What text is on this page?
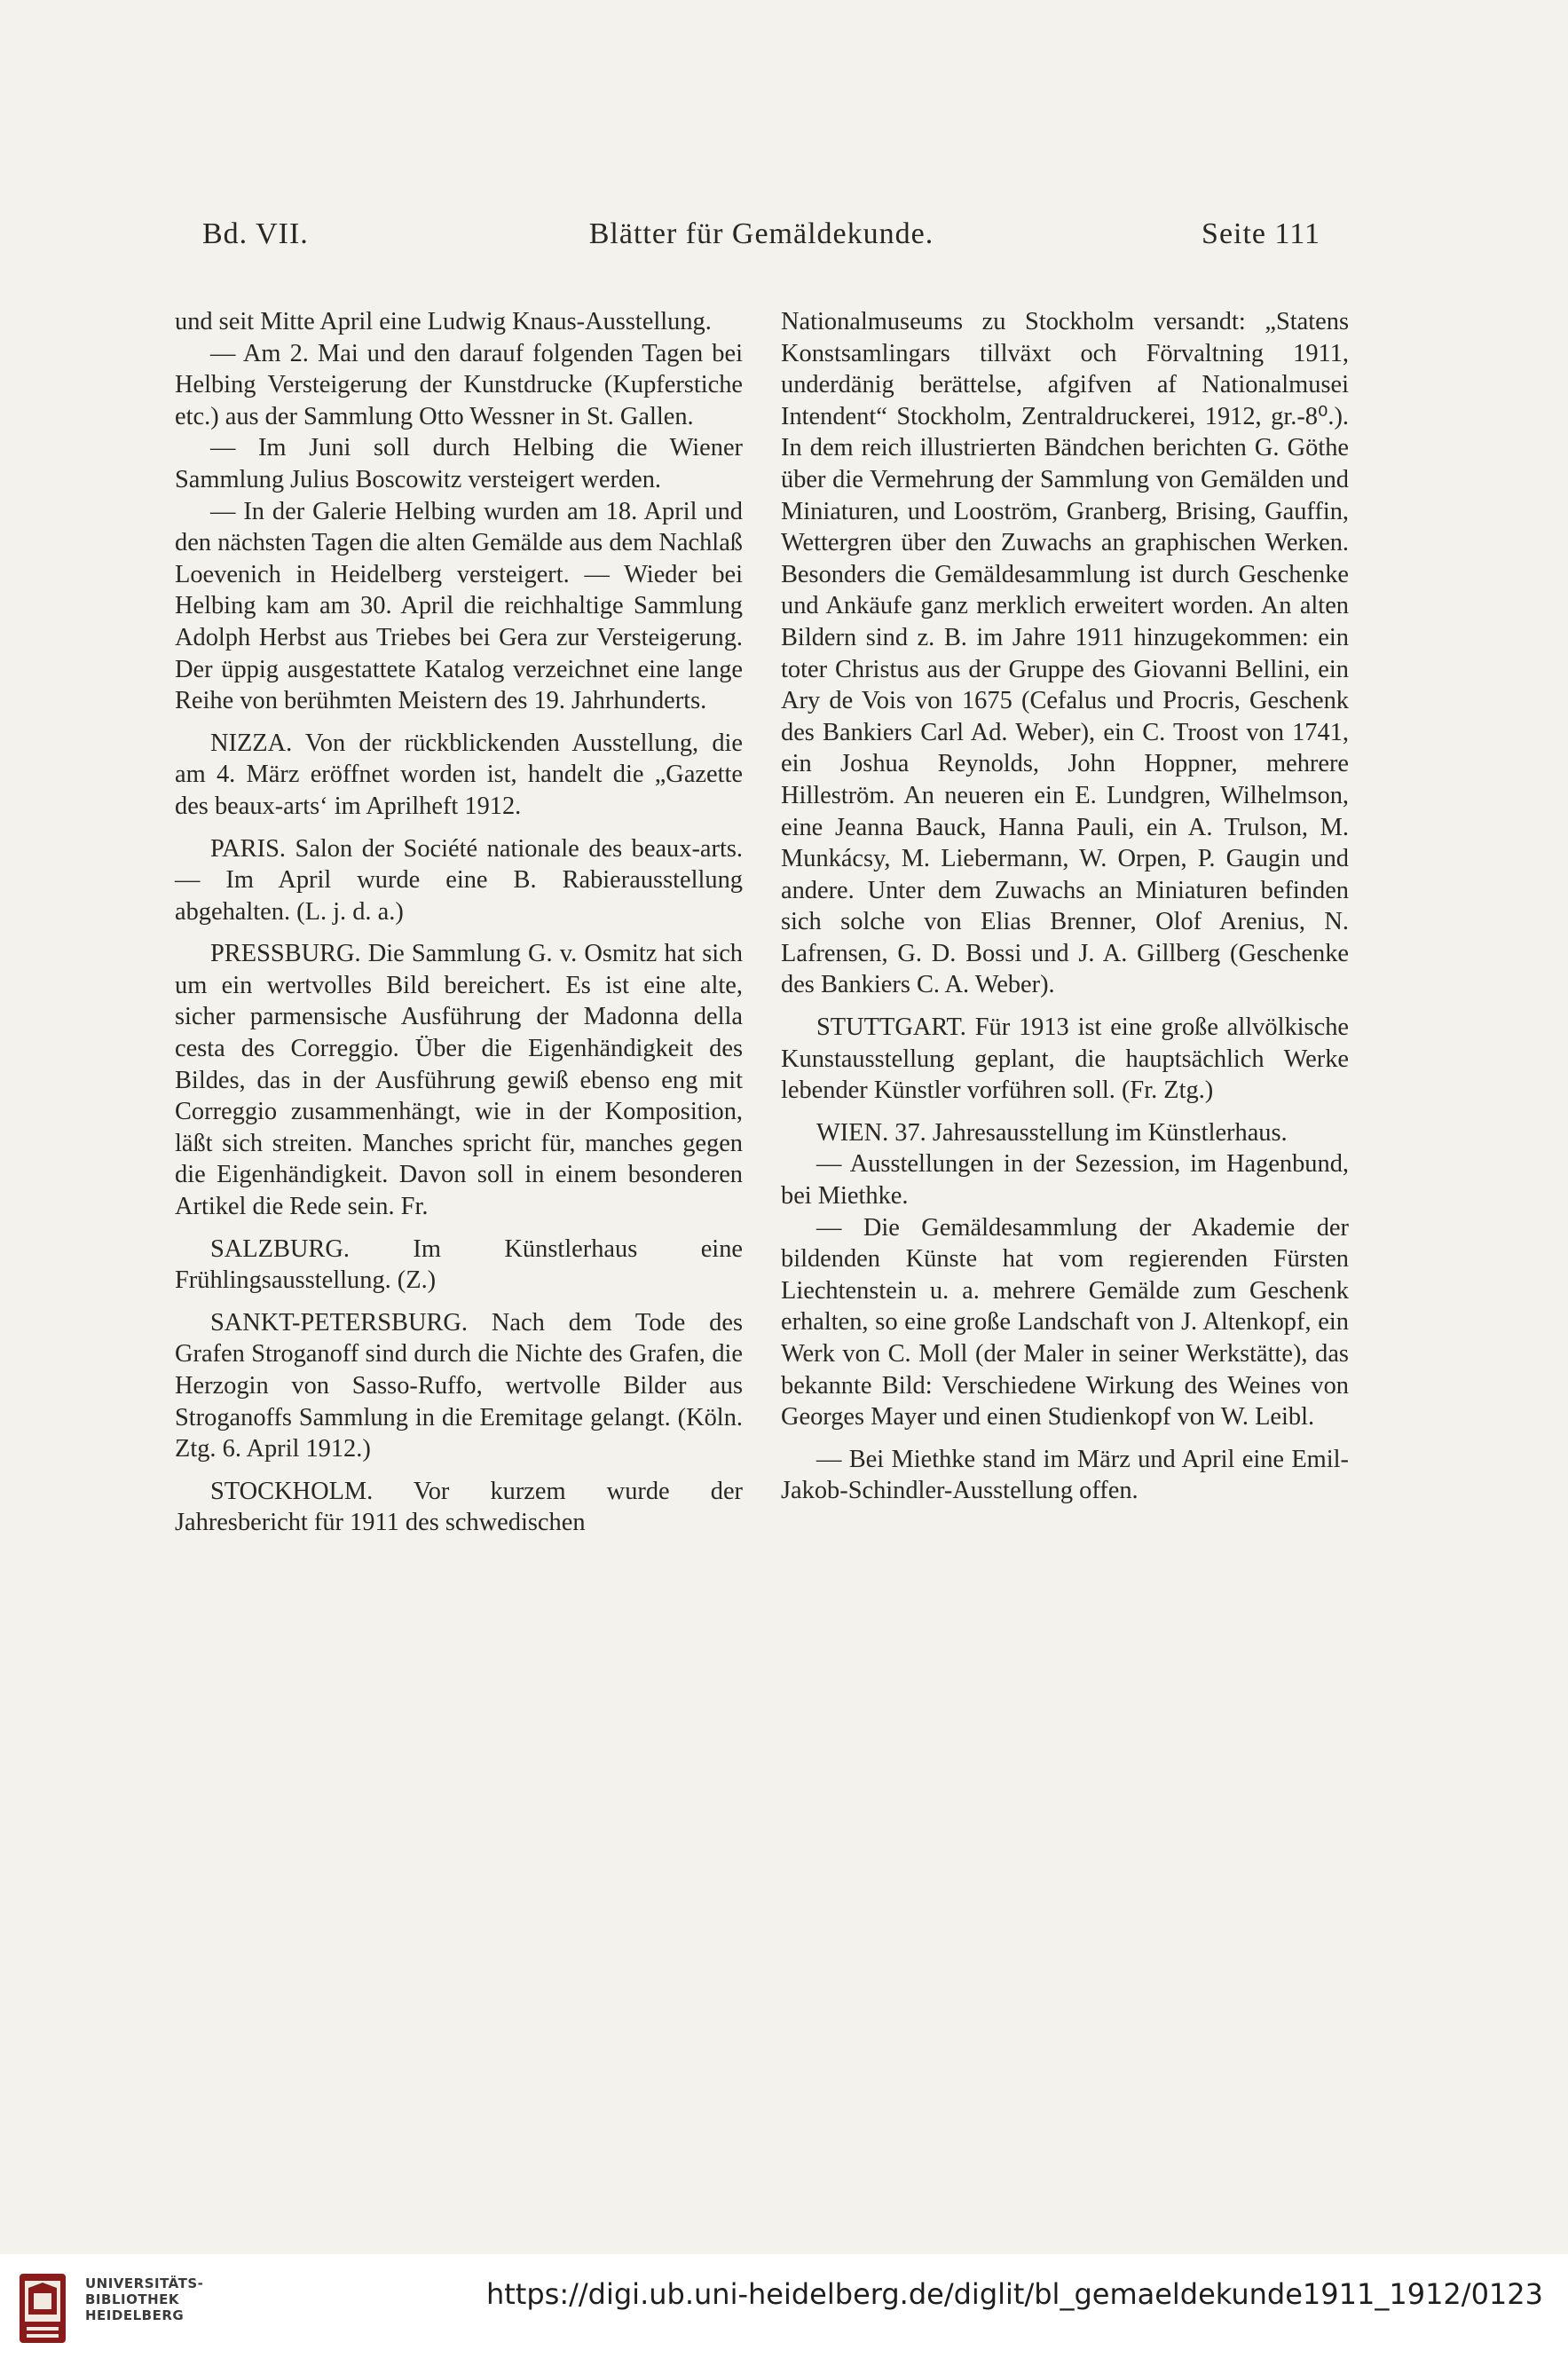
Bd. VII.	Blätter für Gemäldekunde.	Seite 111

und seit Mitte April eine Ludwig Knaus-Ausstellung.

— Am 2. Mai und den darauf folgenden Tagen bei Helbing Versteigerung der Kunstdrucke (Kupferstiche etc.) aus der Sammlung Otto Wessner in St. Gallen.

— Im Juni soll durch Helbing die Wiener Sammlung Julius Boscowitz versteigert werden.

— In der Galerie Helbing wurden am 18. April und den nächsten Tagen die alten Gemälde aus dem Nachlaß Loevenich in Heidelberg versteigert. — Wieder bei Helbing kam am 30. April die reichhaltige Sammlung Adolph Herbst aus Triebes bei Gera zur Versteigerung. Der üppig ausgestattete Katalog verzeichnet eine lange Reihe von berühmten Meistern des 19. Jahrhunderts.

NIZZA. Von der rückblickenden Ausstellung, die am 4. März eröffnet worden ist, handelt die „Gazette des beaux-arts‘ im Aprilheft 1912.

PARIS. Salon der Société nationale des beaux-arts. — Im April wurde eine B. Rabierausstellung abgehalten. (L. j. d. a.)

PRESSBURG. Die Sammlung G. v. Osmitz hat sich um ein wertvolles Bild bereichert. Es ist eine alte, sicher parmensische Ausführung der Madonna della cesta des Correggio. Über die Eigenhändigkeit des Bildes, das in der Ausführung gewiß ebenso eng mit Correggio zusammenhängt, wie in der Komposition, läßt sich streiten. Manches spricht für, manches gegen die Eigenhändigkeit. Davon soll in einem besonderen Artikel die Rede sein. Fr.

SALZBURG. Im Künstlerhaus eine Frühlingsausstellung. (Z.)

SANKT-PETERSBURG. Nach dem Tode des Grafen Stroganoff sind durch die Nichte des Grafen, die Herzogin von Sasso-Ruffo, wertvolle Bilder aus Stroganoffs Sammlung in die Eremitage gelangt. (Köln. Ztg. 6. April 1912.)

STOCKHOLM. Vor kurzem wurde der Jahresbericht für 1911 des schwedischen

Nationalmuseums zu Stockholm versandt: „Statens Konstsamlingars tillväxt och Förvaltning 1911, underdänig berättelse, afgifven af Nationalmusei Intendent“ Stockholm, Zentraldruckerei, 1912, gr.-8⁰.). In dem reich illustrierten Bändchen berichten G. Göthe über die Vermehrung der Sammlung von Gemälden und Miniaturen, und Looström, Granberg, Brising, Gauffin, Wettergren über den Zuwachs an graphischen Werken. Besonders die Gemäldesammlung ist durch Geschenke und Ankäufe ganz merklich erweitert worden. An alten Bildern sind z. B. im Jahre 1911 hinzugekommen: ein toter Christus aus der Gruppe des Giovanni Bellini, ein Ary de Vois von 1675 (Cefalus und Procris, Geschenk des Bankiers Carl Ad. Weber), ein C. Troost von 1741, ein Joshua Reynolds, John Hoppner, mehrere Hilleström. An neueren ein E. Lundgren, Wilhelmson, eine Jeanna Bauck, Hanna Pauli, ein A. Trulson, M. Munkácsy, M. Liebermann, W. Orpen, P. Gaugin und andere. Unter dem Zuwachs an Miniaturen befinden sich solche von Elias Brenner, Olof Arenius, N. Lafrensen, G. D. Bossi und J. A. Gillberg (Geschenke des Bankiers C. A. Weber).

STUTTGART. Für 1913 ist eine große allvölkische Kunstausstellung geplant, die hauptsächlich Werke lebender Künstler vorführen soll. (Fr. Ztg.)

WIEN. 37. Jahresausstellung im Künstlerhaus.

— Ausstellungen in der Sezession, im Hagenbund, bei Miethke.

— Die Gemäldesammlung der Akademie der bildenden Künste hat vom regierenden Fürsten Liechtenstein u. a. mehrere Gemälde zum Geschenk erhalten, so eine große Landschaft von J. Altenkopf, ein Werk von C. Moll (der Maler in seiner Werkstätte), das bekannte Bild: Verschiedene Wirkung des Weines von Georges Mayer und einen Studienkopf von W. Leibl.

— Bei Miethke stand im März und April eine Emil-Jakob-Schindler-Ausstellung offen.

UNIVERSITÄTS-
BIBLIOTHEK
HEIDELBERG
https://digi.ub.uni-heidelberg.de/diglit/bl_gemaeldekunde1911_1912/0123
